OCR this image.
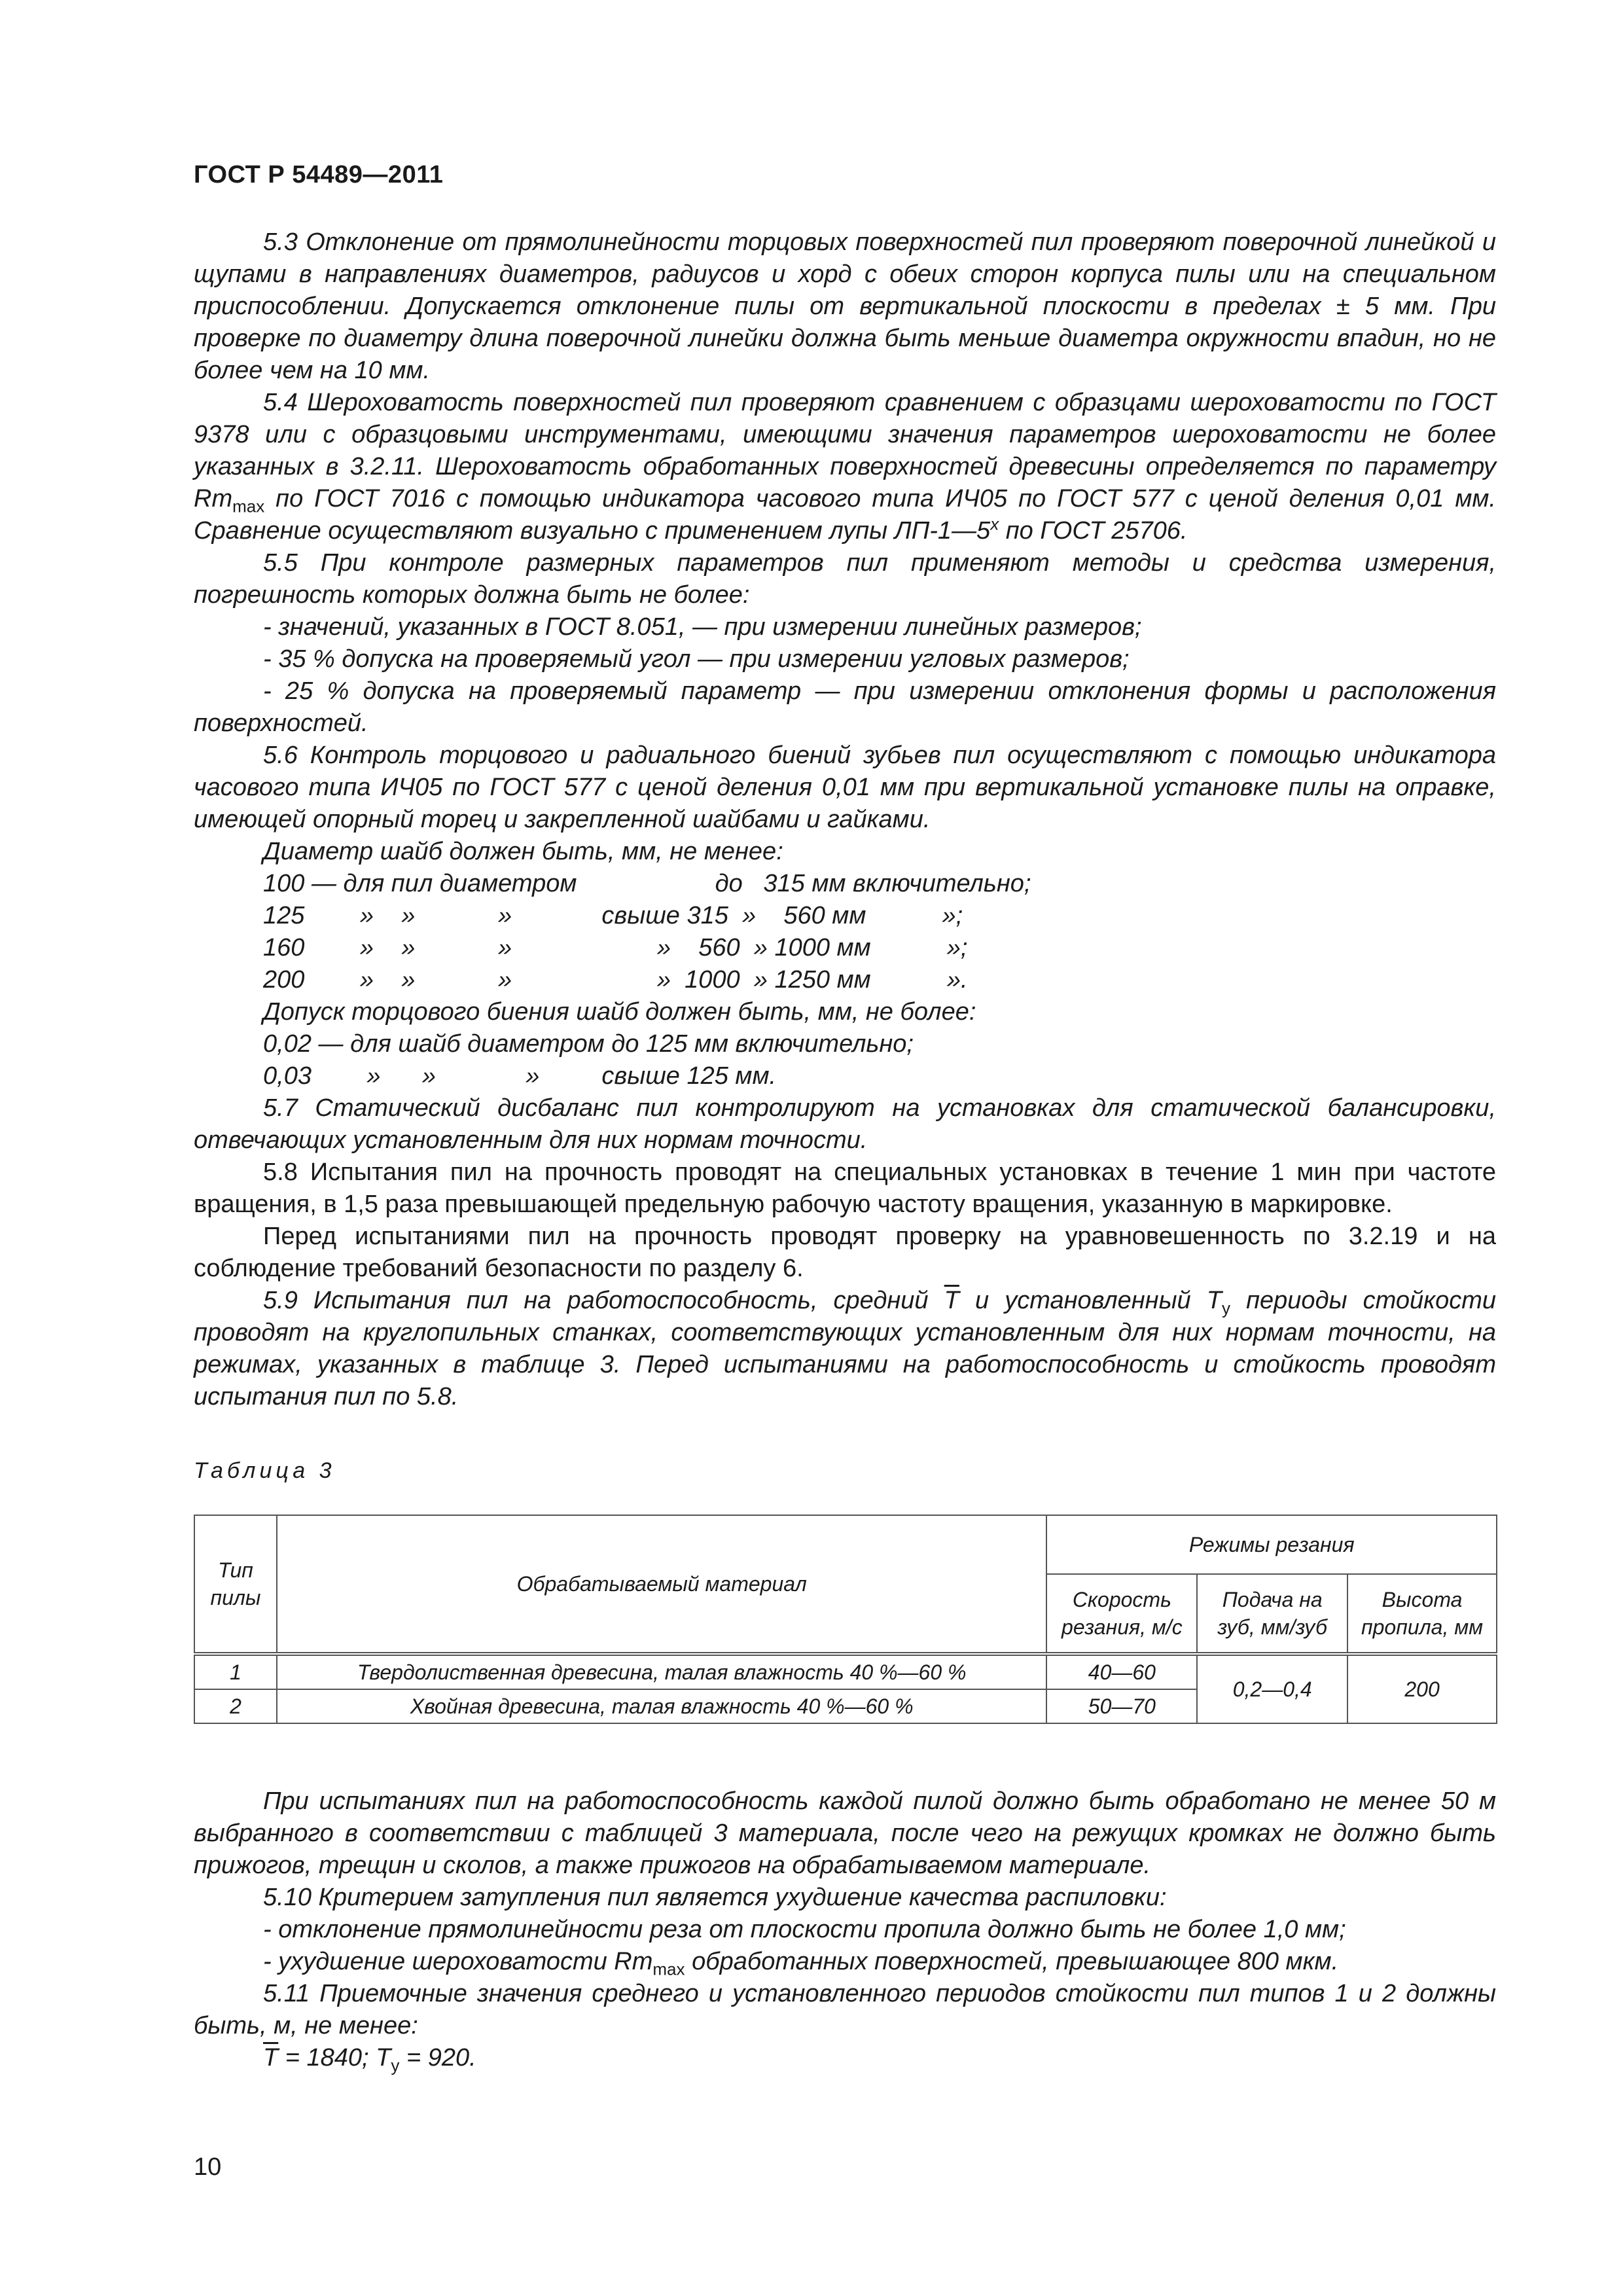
ГОСТ Р 54489—2011

5.3 Отклонение от прямолинейности торцовых поверхностей пил проверяют поверочной линейкой и щупами в направлениях диаметров, радиусов и хорд с обеих сторон корпуса пилы или на специальном приспособлении. Допускается отклонение пилы от вертикальной плоскости в пределах ± 5 мм. При проверке по диаметру длина поверочной линейки должна быть меньше диаметра окружности впадин, но не более чем на 10 мм.

5.4 Шероховатость поверхностей пил проверяют сравнением с образцами шероховатости по ГОСТ 9378 или с образцовыми инструментами, имеющими значения параметров шероховатости не более указанных в 3.2.11. Шероховатость обработанных поверхностей древесины определяется по параметру $Rm_{max}$ по ГОСТ 7016 с помощью индикатора часового типа ИЧ05 по ГОСТ 577 с ценой деления 0,01 мм. Сравнение осуществляют визуально с применением лупы $ЛП-1—5^х$ по ГОСТ 25706.

5.5 При контроле размерных параметров пил применяют методы и средства измерения, погрешность которых должна быть не более:

- значений, указанных в ГОСТ 8.051, — при измерении линейных размеров;

- 35 % допуска на проверяемый угол — при измерении угловых размеров;

- 25 % допуска на проверяемый параметр — при измерении отклонения формы и расположения поверхностей.

5.6 Контроль торцового и радиального биений зубьев пил осуществляют с помощью индикатора часового типа ИЧ05 по ГОСТ 577 с ценой деления 0,01 мм при вертикальной установке пилы на оправке, имеющей опорный торец и закрепленной шайбами и гайками.

Диаметр шайб должен быть, мм, не менее:

100 — для пил диаметром                    до   315 мм включительно;

125        »    »            »             свыше 315  »    560 мм           »;

160        »    »            »                     »    560  » 1000 мм           »;

200        »    »            »                     »  1000  » 1250 мм           ».

Допуск торцового биения шайб должен быть, мм, не более:

0,02 — для шайб диаметром до 125 мм включительно;

0,03        »      »             »         свыше 125 мм.

5.7 Статический дисбаланс пил контролируют на установках для статической балансировки, отвечающих установленным для них нормам точности.

5.8 Испытания пил на прочность проводят на специальных установках в течение 1 мин при частоте вращения, в 1,5 раза превышающей предельную рабочую частоту вращения, указанную в маркировке.

Перед испытаниями пил на прочность проводят проверку на уравновешенность по 3.2.19 и на соблюдение требований безопасности по разделу 6.

5.9 Испытания пил на работоспособность, средний $\overline{T}$ и установленный $T_у$ периоды стойкости проводят на круглопильных станках, соответствующих установленным для них нормам точности, на режимах, указанных в таблице 3. Перед испытаниями на работоспособность и стойкость проводят испытания пил по 5.8.

Таблица 3

Тип пилы	Обрабатываемый материал	Режимы резания		
		Скорость резания, м/с	Подача на зуб, мм/зуб	Высота пропила, мм
1	Твердолиственная древесина, талая влажность 40 %—60 %	40—60	0,2—0,4	200
2	Хвойная древесина, талая влажность 40 %—60 %	50—70		

При испытаниях пил на работоспособность каждой пилой должно быть обработано не менее 50 м выбранного в соответствии с таблицей 3 материала, после чего на режущих кромках не должно быть прижогов, трещин и сколов, а также прижогов на обрабатываемом материале.

5.10 Критерием затупления пил является ухудшение качества распиловки:

- отклонение прямолинейности реза от плоскости пропила должно быть не более 1,0 мм;

- ухудшение шероховатости $Rm_{max}$ обработанных поверхностей, превышающее 800 мкм.

5.11 Приемочные значения среднего и установленного периодов стойкости пил типов 1 и 2 должны быть, м, не менее:

$\overline{T} = 1840$; $T_у = 920$.

10
